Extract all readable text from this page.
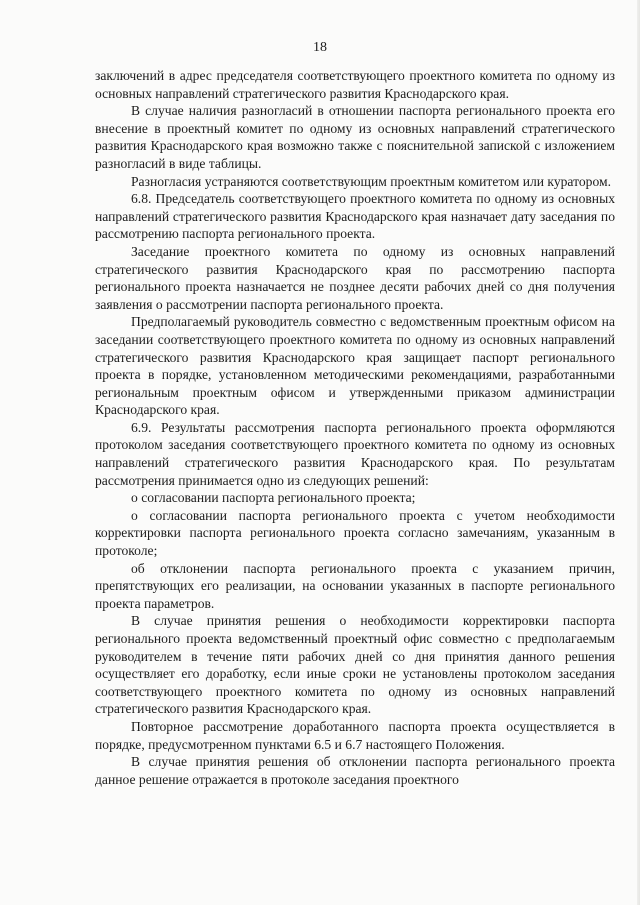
18

заключений в адрес председателя соответствующего проектного комитета по одному из основных направлений стратегического развития Краснодарского края.

В случае наличия разногласий в отношении паспорта регионального проекта его внесение в проектный комитет по одному из основных направлений стратегического развития Краснодарского края возможно также с пояснительной запиской с изложением разногласий в виде таблицы.

Разногласия устраняются соответствующим проектным комитетом или куратором.

6.8. Председатель соответствующего проектного комитета по одному из основных направлений стратегического развития Краснодарского края назначает дату заседания по рассмотрению паспорта регионального проекта.

Заседание проектного комитета по одному из основных направлений стратегического развития Краснодарского края по рассмотрению паспорта регионального проекта назначается не позднее десяти рабочих дней со дня получения заявления о рассмотрении паспорта регионального проекта.

Предполагаемый руководитель совместно с ведомственным проектным офисом на заседании соответствующего проектного комитета по одному из основных направлений стратегического развития Краснодарского края защищает паспорт регионального проекта в порядке, установленном методическими рекомендациями, разработанными региональным проектным офисом и утвержденными приказом администрации Краснодарского края.

6.9. Результаты рассмотрения паспорта регионального проекта оформляются протоколом заседания соответствующего проектного комитета по одному из основных направлений стратегического развития Краснодарского края. По результатам рассмотрения принимается одно из следующих решений:

о согласовании паспорта регионального проекта;

о согласовании паспорта регионального проекта с учетом необходимости корректировки паспорта регионального проекта согласно замечаниям, указанным в протоколе;

об отклонении паспорта регионального проекта с указанием причин, препятствующих его реализации, на основании указанных в паспорте регионального проекта параметров.

В случае принятия решения о необходимости корректировки паспорта регионального проекта ведомственный проектный офис совместно с предполагаемым руководителем в течение пяти рабочих дней со дня принятия данного решения осуществляет его доработку, если иные сроки не установлены протоколом заседания соответствующего проектного комитета по одному из основных направлений стратегического развития Краснодарского края.

Повторное рассмотрение доработанного паспорта проекта осуществляется в порядке, предусмотренном пунктами 6.5 и 6.7 настоящего Положения.

В случае принятия решения об отклонении паспорта регионального проекта данное решение отражается в протоколе заседания проектного
